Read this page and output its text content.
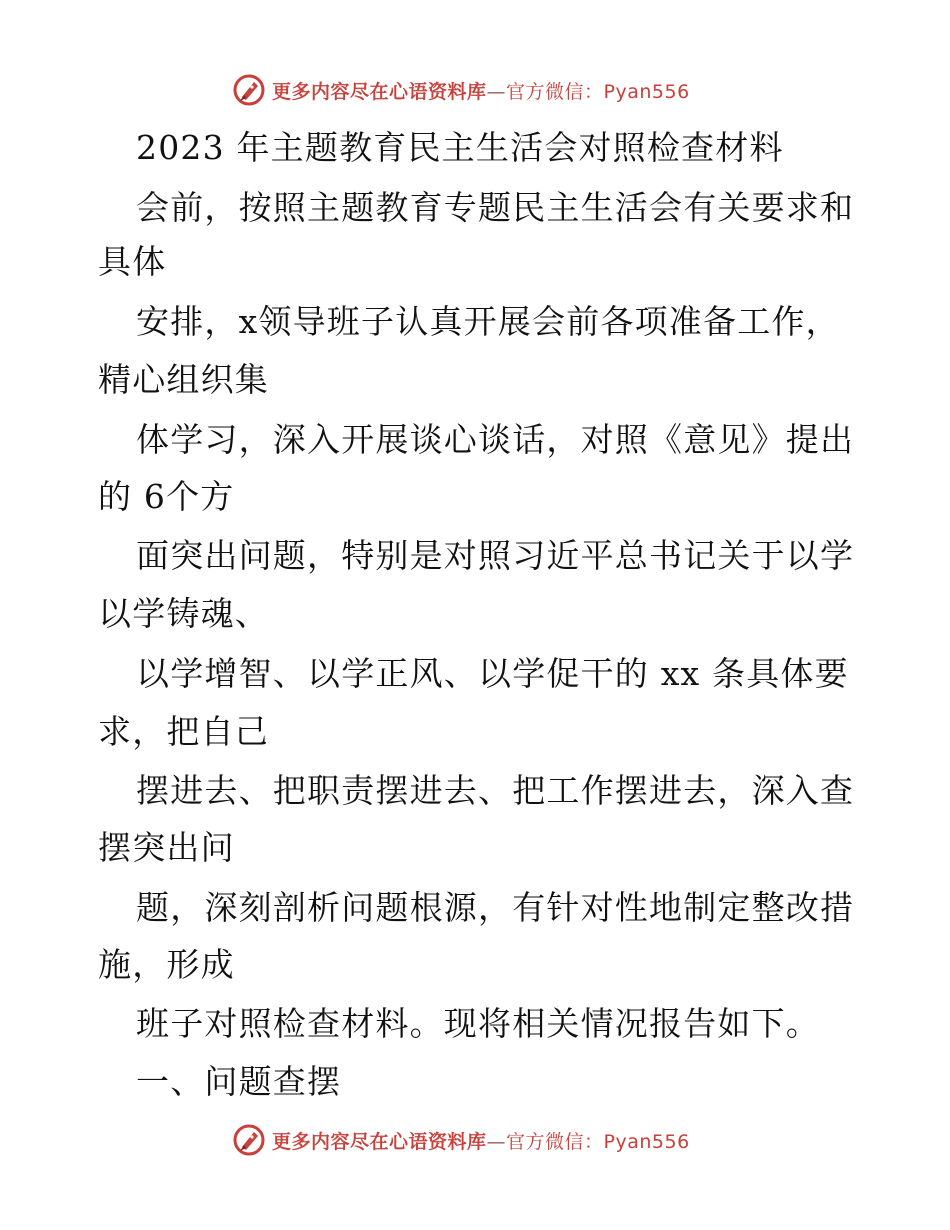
更多内容尽在心语资料库—官方微信：Pyan556
2023 年主题教育民主生活会对照检查材料
会前，按照主题教育专题民主生活会有关要求和
具体
安排，x领导班子认真开展会前各项准备工作，
精心组织集
体学习，深入开展谈心谈话，对照《意见》提出
的 6个方
面突出问题，特别是对照习近平总书记关于以学
以学铸魂、
以学增智、以学正风、以学促干的 xx 条具体要
求，把自己
摆进去、把职责摆进去、把工作摆进去，深入查
摆突出问
题，深刻剖析问题根源，有针对性地制定整改措
施，形成
班子对照检查材料。现将相关情况报告如下。
一、问题查摆
更多内容尽在心语资料库—官方微信：Pyan556
